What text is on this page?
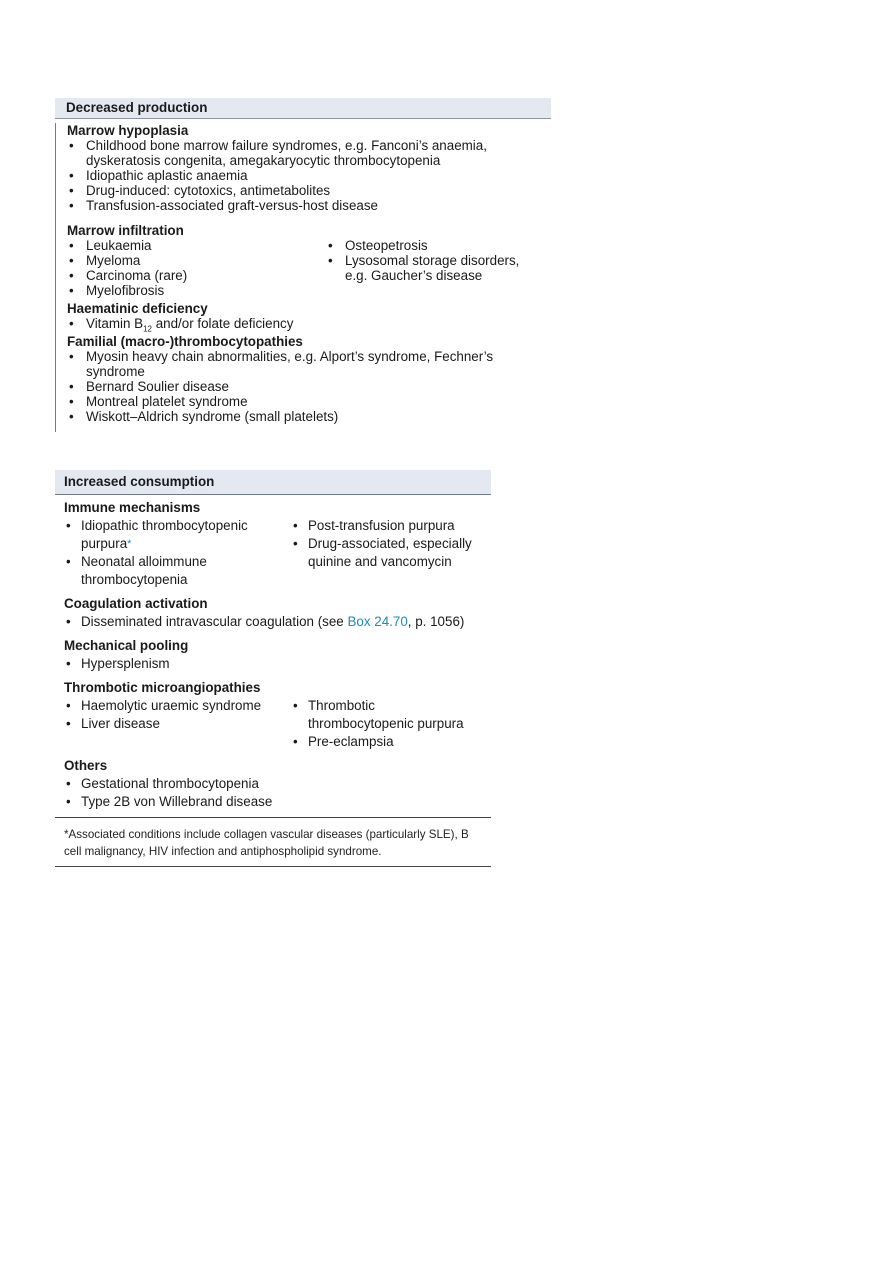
Decreased production
Marrow hypoplasia
• Childhood bone marrow failure syndromes, e.g. Fanconi’s anaemia, dyskeratosis congenita, amegakaryocytic thrombocytopenia
• Idiopathic aplastic anaemia
• Drug-induced: cytotoxics, antimetabolites
• Transfusion-associated graft-versus-host disease
Marrow infiltration
• Leukaemia
• Myeloma
• Carcinoma (rare)
• Myelofibrosis
• Osteopetrosis
• Lysosomal storage disorders, e.g. Gaucher’s disease
Haematinic deficiency
• Vitamin $B_{12}$ and/or folate deficiency
Familial (macro-)thrombocytopathies
• Myosin heavy chain abnormalities, e.g. Alport’s syndrome, Fechner’s syndrome
• Bernard Soulier disease
• Montreal platelet syndrome
• Wiskott–Aldrich syndrome (small platelets)
Increased consumption
Immune mechanisms
• Idiopathic thrombocytopenic purpura*
• Neonatal alloimmune thrombocytopenia
• Post-transfusion purpura
• Drug-associated, especially quinine and vancomycin
Coagulation activation
• Disseminated intravascular coagulation (see Box 24.70, p. 1056)
Mechanical pooling
• Hypersplenism
Thrombotic microangiopathies
• Haemolytic uraemic syndrome
• Liver disease
• Thrombotic thrombocytopenic purpura
• Pre-eclampsia
Others
• Gestational thrombocytopenia
• Type 2B von Willebrand disease
*Associated conditions include collagen vascular diseases (particularly SLE), B cell malignancy, HIV infection and antiphospholipid syndrome.
